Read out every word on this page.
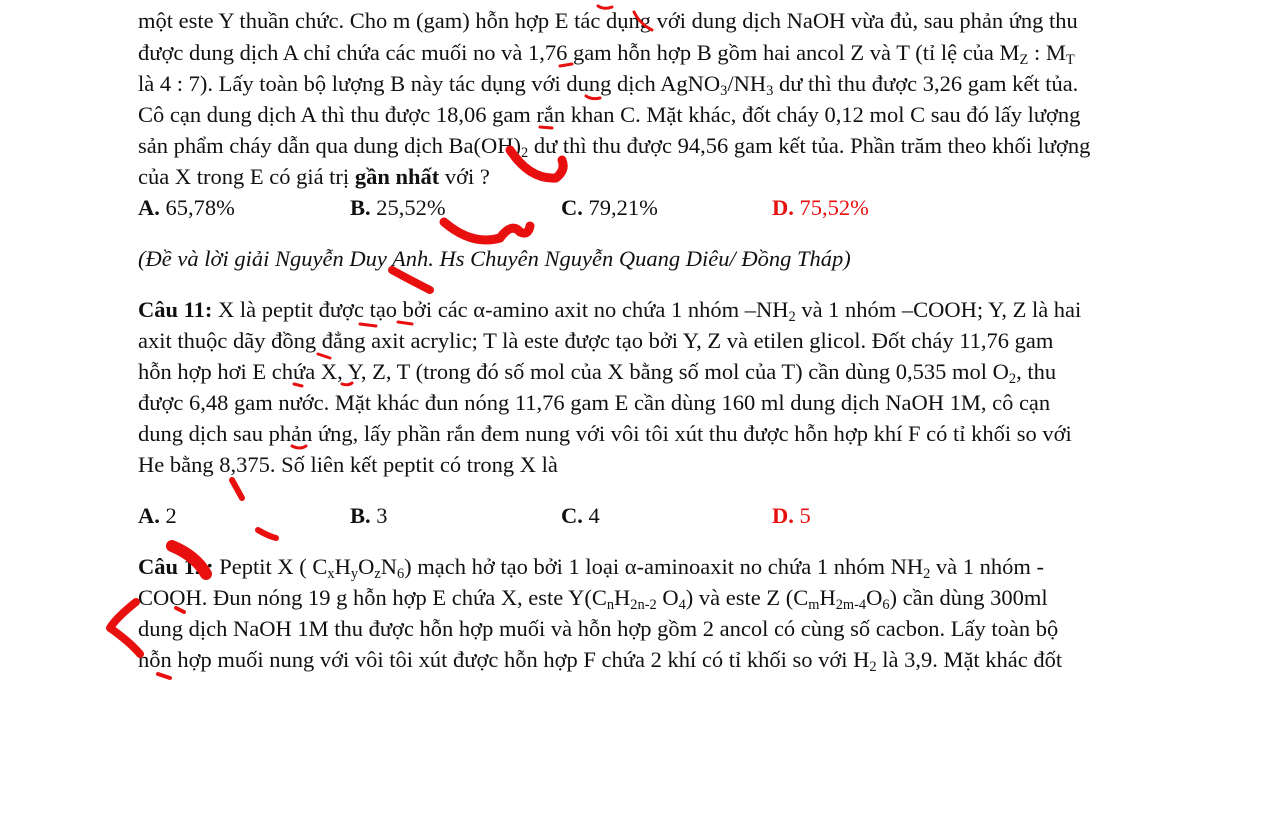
một este Y thuần chức. Cho m (gam) hỗn hợp E tác dụng với dung dịch NaOH vừa đủ, sau phản ứng thu
được dung dịch A chỉ chứa các muối no và 1,76 gam hỗn hợp B gồm hai ancol Z và T (tỉ lệ của $M_Z$ : $M_T$
là 4 : 7). Lấy toàn bộ lượng B này tác dụng với dung dịch $AgNO_3/NH_3$ dư thì thu được 3,26 gam kết tủa.
Cô cạn dung dịch A thì thu được 18,06 gam rắn khan C. Mặt khác, đốt cháy 0,12 mol C sau đó lấy lượng
sản phẩm cháy dẫn qua dung dịch $Ba(OH)_2$ dư thì thu được 94,56 gam kết tủa. Phần trăm theo khối lượng
của X trong E có giá trị gần nhất với ?
A. 65,78%	B. 25,52%	C. 79,21%	D. 75,52%
(Đề và lời giải Nguyễn Duy Anh. Hs Chuyên Nguyễn Quang Diêu/ Đồng Tháp)
Câu 11: X là peptit được tạo bởi các α-amino axit no chứa 1 nhóm $-NH_2$ và 1 nhóm –COOH; Y, Z là hai
axit thuộc dãy đồng đẳng axit acrylic; T là este được tạo bởi Y, Z và etilen glicol. Đốt cháy 11,76 gam
hỗn hợp hơi E chứa X, Y, Z, T (trong đó số mol của X bằng số mol của T) cần dùng 0,535 mol $O_2$, thu
được 6,48 gam nước. Mặt khác đun nóng 11,76 gam E cần dùng 160 ml dung dịch NaOH 1M, cô cạn
dung dịch sau phản ứng, lấy phần rắn đem nung với vôi tôi xút thu được hỗn hợp khí F có tỉ khối so với
He bằng 8,375. Số liên kết peptit có trong X là
A. 2	B. 3	C. 4	D. 5
Câu 12: Peptit X ( $C_xH_yO_zN_6$) mạch hở tạo bởi 1 loại α-aminoaxit no chứa 1 nhóm $NH_2$ và 1 nhóm -
COOH. Đun nóng 19 g hỗn hợp E chứa X, este $Y(C_nH_{2n-2}$ $O_4$) và este Z $(C_mH_{2m-4}O_6)$ cần dùng 300ml
dung dịch NaOH 1M thu được hỗn hợp muối và hỗn hợp gồm 2 ancol có cùng số cacbon. Lấy toàn bộ
hỗn hợp muối nung với vôi tôi xút được hỗn hợp F chứa 2 khí có tỉ khối so với $H_2$ là 3,9. Mặt khác đốt
